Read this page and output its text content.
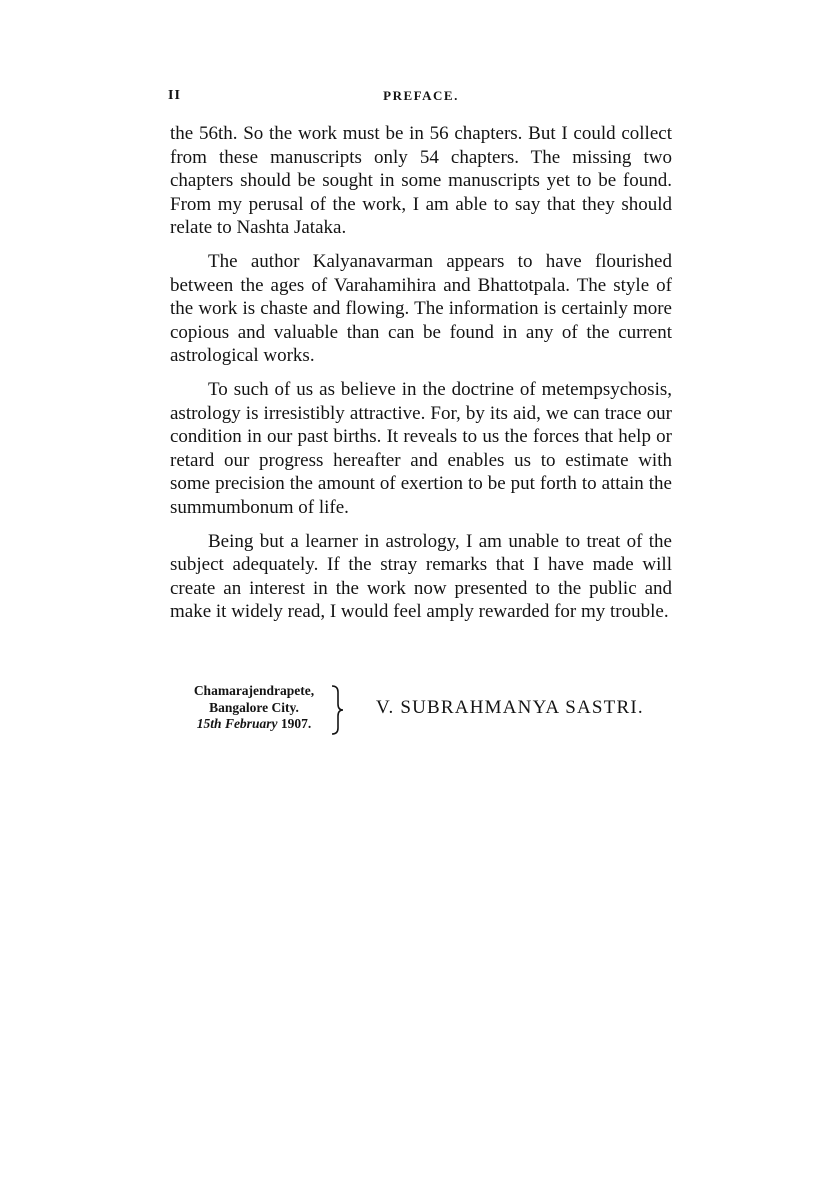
II	PREFACE.

the 56th. So the work must be in 56 chapters. But I could collect from these manuscripts only 54 chapters. The missing two chapters should be sought in some manuscripts yet to be found. From my perusal of the work, I am able to say that they should relate to Nashta Jataka.

The author Kalyanavarman appears to have flourished between the ages of Varahamihira and Bhattotpala. The style of the work is chaste and flowing. The information is certainly more copious and valuable than can be found in any of the current astrological works.

To such of us as believe in the doctrine of metempsychosis, astrology is irresistibly attractive. For, by its aid, we can trace our condition in our past births. It reveals to us the forces that help or retard our progress hereafter and enables us to estimate with some precision the amount of exertion to be put forth to attain the summumbonum of life.

Being but a learner in astrology, I am unable to treat of the subject adequately. If the stray remarks that I have made will create an interest in the work now presented to the public and make it widely read, I would feel amply rewarded for my trouble.

Chamarajendrapete,
Bangalore City.
15th February 1907.
V. SUBRAHMANYA SASTRI.
